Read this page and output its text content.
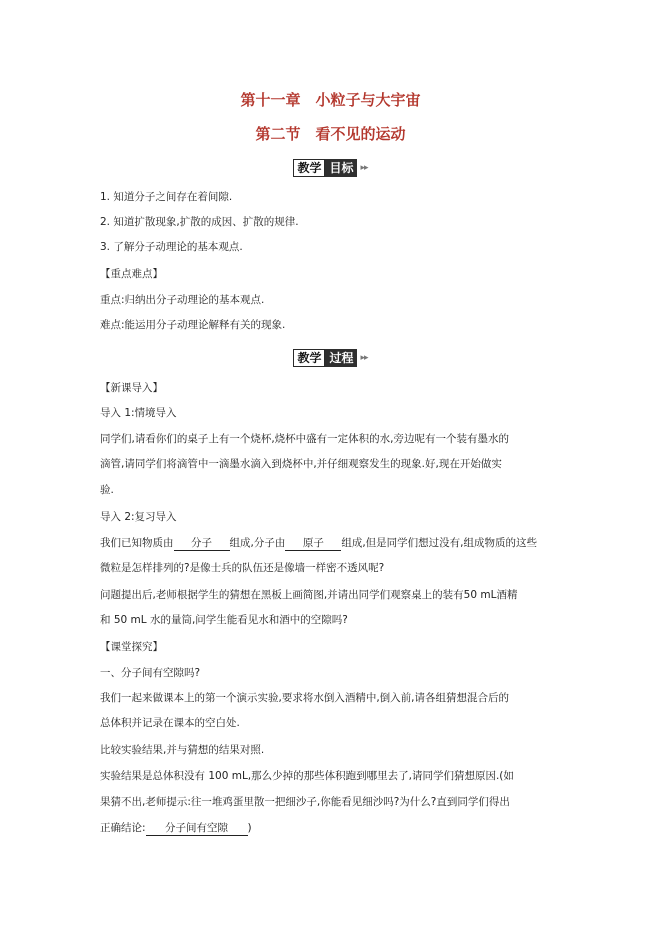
第十一章　小粒子与大宇宙
第二节　看不见的运动
教学 目标 ▸▸
1. 知道分子之间存在着间隙.
2. 知道扩散现象,扩散的成因、扩散的规律.
3. 了解分子动理论的基本观点.
【重点难点】
重点:归纳出分子动理论的基本观点.
难点:能运用分子动理论解释有关的现象.
教学 过程 ▸▸
【新课导入】
导入 1:情境导入
同学们,请看你们的桌子上有一个烧杯,烧杯中盛有一定体积的水,旁边呢有一个装有墨水的
滴管,请同学们将滴管中一滴墨水滴入到烧杯中,并仔细观察发生的现象.好,现在开始做实
验.
导入 2:复习导入
我们已知物质由 分子 组成,分子由 原子 组成,但是同学们想过没有,组成物质的这些
微粒是怎样排列的?是像士兵的队伍还是像墙一样密不透风呢?
问题提出后,老师根据学生的猜想在黑板上画简图,并请出同学们观察桌上的装有50 mL酒精
和 50 mL 水的量筒,问学生能看见水和酒中的空隙吗?
【课堂探究】
一、分子间有空隙吗?
我们一起来做课本上的第一个演示实验,要求将水倒入酒精中,倒入前,请各组猜想混合后的
总体积并记录在课本的空白处.
比较实验结果,并与猜想的结果对照.
实验结果是总体积没有 100 mL,那么少掉的那些体积跑到哪里去了,请同学们猜想原因.(如
果猜不出,老师提示:往一堆鸡蛋里散一把细沙子,你能看见细沙吗?为什么?直到同学们得出
正确结论: 分子间有空隙 )
